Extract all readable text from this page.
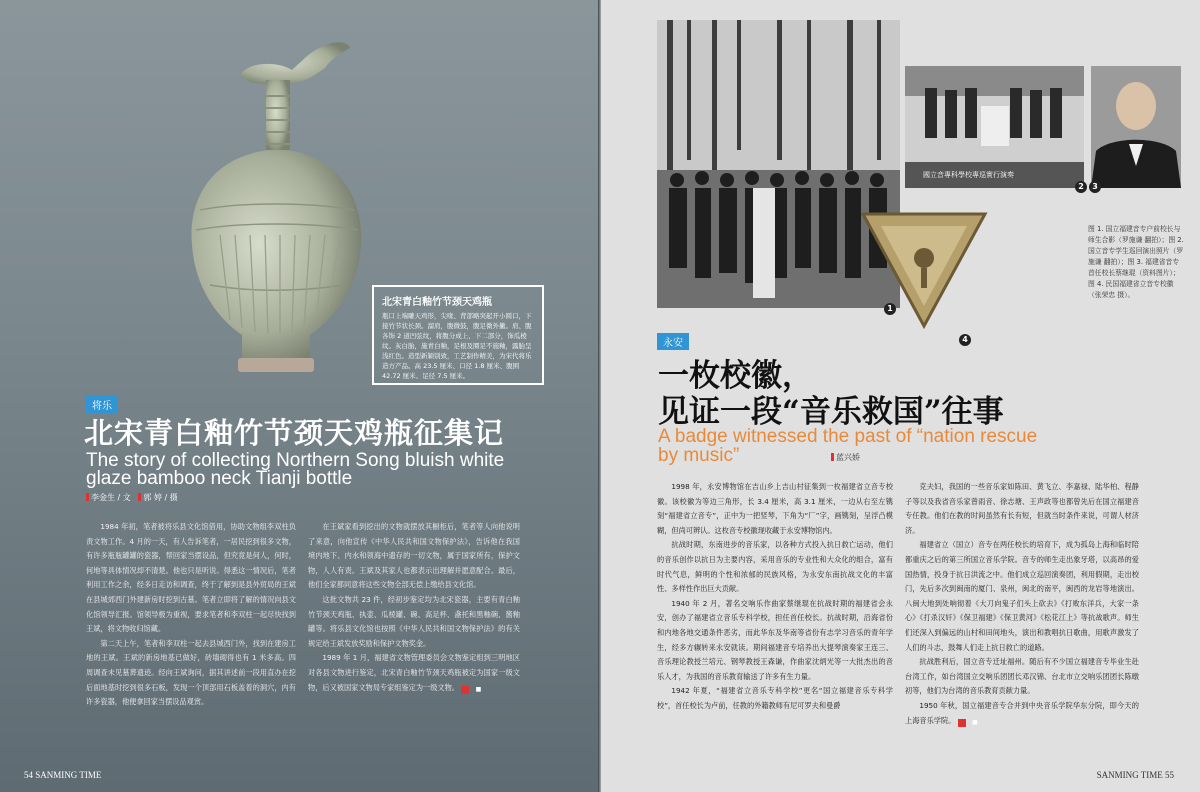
北宋青白釉竹节颈天鸡瓶

瓶口上端雕天鸡形，尖喙、背部略突起开小圆口，下接竹节状长颈。溜肩，腹微鼓，腹足微外撇。肩、腹各饰 2 道凹弦纹，将腹分成上、下二部分，饰瓜棱纹。灰白胎，施青白釉，足根及圈足不施釉，露胎呈浅红色。造型新颖别致，工艺制作精美，为宋代将乐造方产品。高 23.5 厘米、口径 1.8 厘米、腹围 42.72 厘米、足径 7.5 厘米。

将乐
北宋青白釉竹节颈天鸡瓶征集记
The story of collecting Northern Song bluish white glaze bamboo neck Tianji bottle
李金生 / 文 郭 婷 / 摄

1984 年初，笔者被将乐县文化馆借用，协助文物组李双柱负责文物工作。4 月的一天，有人告诉笔者，一居民挖到很多文物，有许多瓶瓶罐罐的瓷器，帮回家当摆设品，但究竟是何人，何时，何地等具体情况却不清楚。他也只是听说。得悉这一情况后，笔者利用工作之余，经多日走访和调查，终于了解到是县外贸局的王斌在县城郊西门外建新房时挖到古墓。笔者立即将了解的情况向县文化馆领导汇报。馆领导极为重视，要求笔者和李双柱一起尽快找到王斌，将文物收归馆藏。

第二天上午，笔者和李双柱一起去县城西门外，找到在建房工地的王斌。王斌的新房地基已做好，砖墙砌得也有 1 米多高。四周调查未见墓葬遗迹。经向王斌询问，据其讲述前一段用直办在挖后面地基时挖到很多石板，发现一个顶部用石板盖着的洞穴，内有许多瓷器，他便拿回家当摆设品观赏。

在王斌家看到挖出的文物就摆放其橱柜后，笔者等人向他说明了来意，向他宣传《中华人民共和国文物保护法》，告诉他在我国境内地下、内水和领海中遗存的一切文物，属于国家所有，保护文物，人人有责。王斌及其家人也都表示出理解并愿意配合。最后，他们全家都同意将这些文物全部无偿上缴给县文化馆。

这批文物共 23 件，经初步鉴定均为北宋瓷器，主要有青白釉竹节颈天鸡瓶、执壶、瓜棱罐、碗、高足杯、盏托和黑釉碗、酱釉罐等。将乐县文化馆也按照《中华人民共和国文物保护法》的有关规定给王斌发放奖励和保护文物奖金。

1989 年 1 月，福建省文物管理委员会文物鉴定组到三明地区对各县文物进行鉴定，北宋青白釉竹节颈天鸡瓶被定为国家一级文物，后又被国家文物局专家组鉴定为一级文物。	■

54 SANMING TIME
1
國立音專科學校專巡實行演奏
2	3
4
图 1. 国立福建音专户前校长与师生合影（罗施谦 翻拍）；图 2. 国立音专学生巡回演出照片（罗施谦 翻拍）；图 3. 福建省音专首任校长蔡继琨（资料图片）；图 4. 民国福建省立音专校徽（张荣忠 摄）。
永安
一枚校徽，
见证一段“音乐救国”往事
A badge witnessed the past of “nation rescue by music”	蓝兴娇

1998 年，永安博物馆在吉山乡上吉山村征集到一枚福建省立音专校徽。该校徽为等边三角形，长 3.4 厘米，高 3.1 厘米，一边从右至左镌刻“福建省立音专”，正中为一把竖琴，下角为“厂”字，画镌刻，呈浮凸模糊，但尚可辨认。这枚音专校徽现收藏于永安博物馆内。

抗战时期，东南进步的音乐家，以各种方式投入抗日救亡运动，他们的音乐创作以抗日为主要内容，采用音乐的专业性和大众化的组合，富有时代气息，鲜明的个性和浓郁的民族风格，为永安东南抗战文化的丰富性、多样性作出巨大贡献。

1940 年 2 月，著名交响乐作曲家蔡继琨在抗战时期的福建省会永安，创办了福建省立音乐专科学校，担任首任校长。抗战时期，沿海省份和内地各地交通条件恶劣，而此华东及华南等省份有志学习音乐的青年学生，经多方辗转来永安就读。期间福建音专培养出大提琴演奏家王连三、音乐理论教授兰培元、钢琴教授王森谦，作曲家沈炳光等一大批杰出的音乐人才，为我国的音乐教育输送了许多有生力量。

1942 年夏，“福建省立音乐专科学校”更名“国立福建音乐专科学校”，首任校长为卢前，任教的外籍教师有尼可罗夫和曼爵

克夫妇，我国的一些音乐家如陈田、黄飞立、李嘉禄、陆华柏、程静子等以及我省音乐家曾雨音、徐志塘、王声政等也都曾先后在国立福建音专任教。他们在教的时间虽然有长有短，但就当时条件来说，可谓人材济济。

福建省立（国立）音专在两任校长的培育下，成为孤岛上海和临时陪都重庆之后的第三所国立音乐学院。音专的师生走出象牙塔，以高昂的爱国热情，投身于抗日洪流之中。他们成立巡回演奏团，利用假期，走出校门，先后多次到闽南的厦门、泉州，闽北的南平，闽西的龙岩等地演出。八闽大地到处响彻着《大刀向鬼子们头上砍去》《打败东洋兵，大家一条心》《打杀汉奸》《保卫福建》《保卫黄河》《松花江上》等抗战歌声。师生们还深入到偏远的山村和田间地头，演出和教唱抗日歌曲，用歌声激发了人们的斗志，鼓舞人们走上抗日救亡的道路。

抗战胜利后，国立音专迁址福州。随后有不少国立福建音专毕业生赴台湾工作，如台湾国立交响乐团团长邓汉锦、台北市立交响乐团团长陈暾初等，他们为台湾的音乐教育贡献力量。

1950 年秋，国立福建音专合并到中央音乐学院华东分院，即今天的上海音乐学院。	■

SANMING TIME 55
